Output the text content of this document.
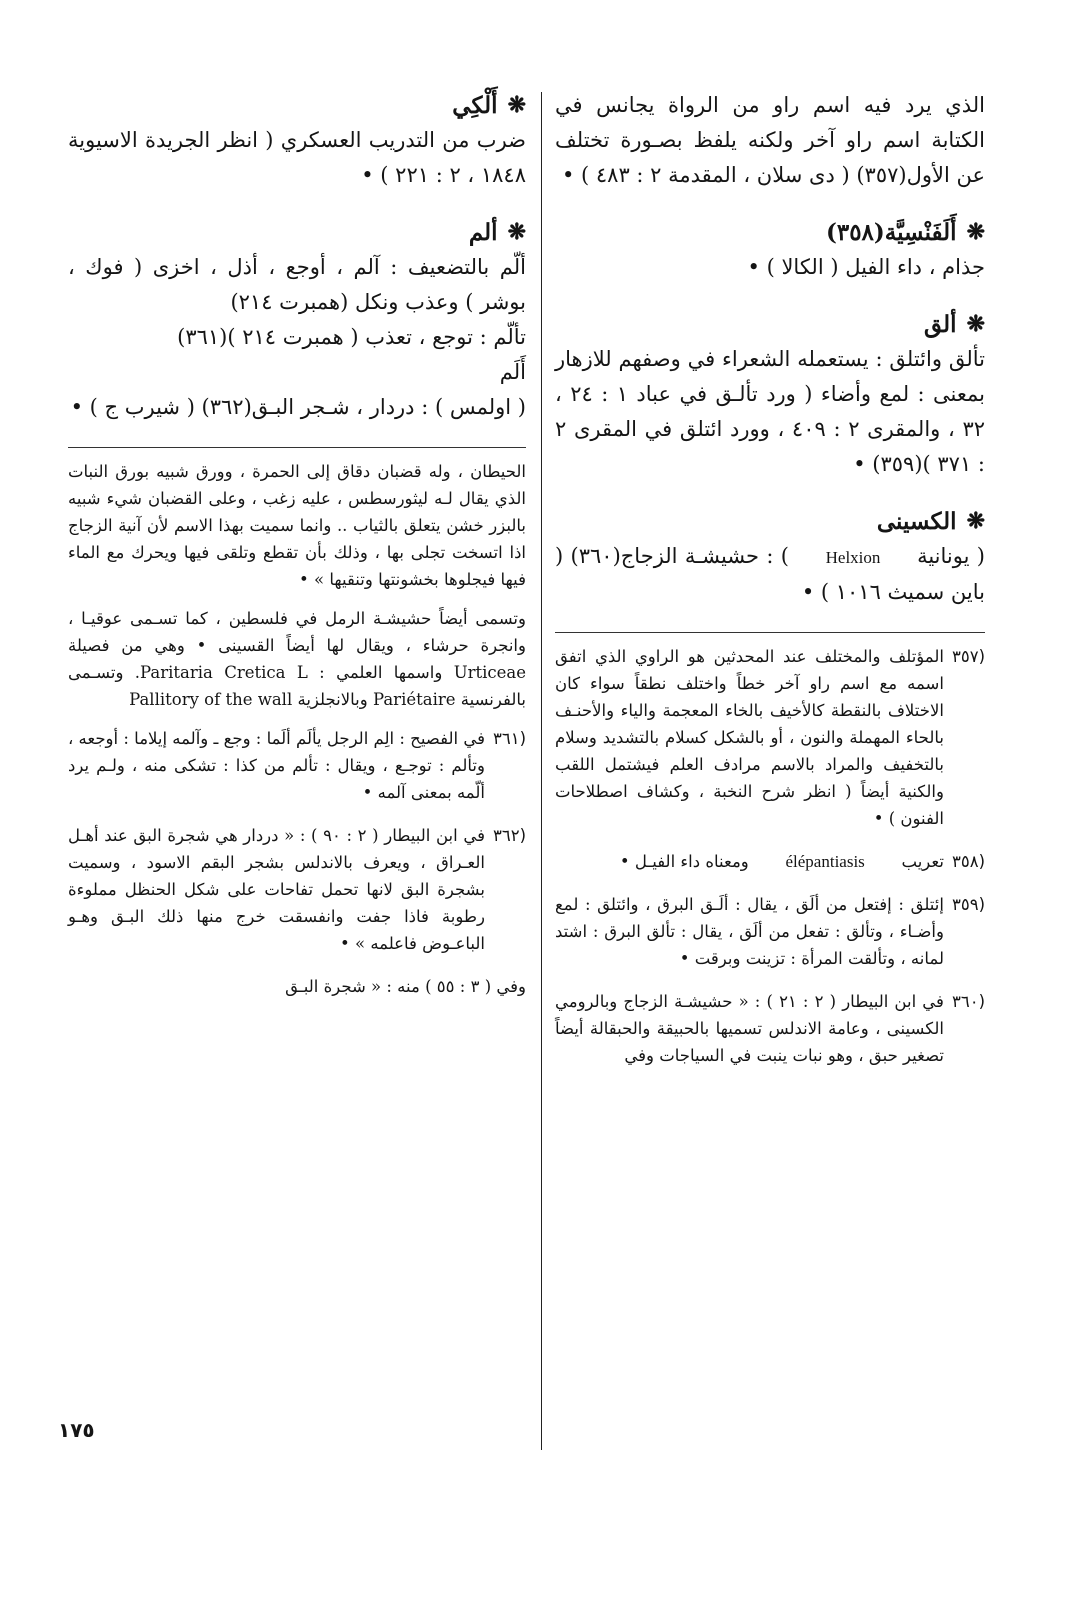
الذي يرد فيه اسم راو من الرواة يجانس في الكتابة اسم راو آخر ولكنه يلفظ بصـورة تختلف عن الأول(٣٥٧) ( دى سلان ، المقدمة ٢ : ٤٨٣ ) •

❋
أَلَفَنْسِيَّة(٣٥٨)

جذام ، داء الفيل ( الكالا ) •

❋
ألق

تألق وائتلق : يستعمله الشعراء في وصفهم للازهار بمعنى : لمع وأضاء ( ورد تألـق في عباد ١ : ٢٤ ، ٣٢ ، والمقرى ٢ : ٤٠٩ ، وورد ائتلق في المقرى ٢ : ٣٧١ )(٣٥٩) •

❋
الكسينى

( يونانية     Helxion     ) : حشيشـة الزجاج(٣٦٠) ( باين سميث ١٠١٦ ) •

(٣٥٧
المؤتلف والمختلف عند المحدثين هو الراوي الذي اتفق اسمه مع اسم راو آخر خطاً واختلف نطقاً سواء كان الاختلاف بالنقطة كالأخيف بالخاء المعجمة والياء والأحنـف بالحاء المهملة والنون ، أو بالشكل كسلام بالتشديد وسلام بالتخفيف والمراد بالاسم مرادف العلم فيشتمل اللقب والكنية أيضاً ( انظر شرح النخبة ، وكشاف اصطلاحات الفنون ) •
(٣٥٨
تعريب       élépantiasis       ومعناه داء الفيـل •
(٣٥٩
إئتلق : إفتعل من ألَق ، يقال : ألَـق البرق ، وائتلق : لمع وأضـاء ، وتألق : تفعل من ألَق ، يقال : تألق البرق : اشتد لمانه ، وتألقت المرأة : تزينت وبرقت •
(٣٦٠
في ابن البيطار ( ٢ : ٢١ ) : « حشيشـة الزجاج وبالرومي الكسينى ، وعامة الاندلس تسميها بالحبيقة والحبقالة أيضاً تصغير حبق ، وهو نبات ينبت في السياجات وفي
❋
أَلْكِي

ضرب من التدريب العسكري ( انظر الجريدة الاسيوية ١٨٤٨ ، ٢ : ٢٢١ ) •

❋
ألم

ألّم بالتضعيف : آلم ، أوجع ، أذل ، اخزى ( فوك ، بوشر ) وعذب ونكل (همبرت ٢١٤)

تألّم : توجع ، تعذب ( همبرت ٢١٤ )(٣٦١)

أَلَم

( اولمس ) : دردار ، شـجر البـق(٣٦٢) ( شيرب ج ) •

الحيطان ، وله قضبان دقاق إلى الحمرة ، وورق شبيه بورق النبات الذي يقال لـه ليثورسطس ، عليه زغب ، وعلى القضبان شيء شبيه بالبزر خشن يتعلق بالثياب .. وانما سميت بهذا الاسم لأن آنية الزجاج اذا اتسخت تجلى بها ، وذلك بأن تقطع وتلقى فيها ويحرك مع الماء فيها فيجلوها بخشونتها وتنقيها » •

وتسمى أيضاً حشيشـة الرمل في فلسطين ، كما تسـمى عوقيـا ، وانجرة حرشاء ، ويقال لها أيضاً القسينى • وهي من فصيلة Urticeae واسمها العلمي : Paritaria Cretica L. وتسـمى بالفرنسية Pariétaire وبالانجلزية Pallitory of the wall

(٣٦١
في الفصيح : الِم الرجل يألَم ألَما : وجع ـ وآلمه إيلاما : أوجعه ، وتألم : توجـع ، ويقال : تألم من كذا : تشكى منه ، ولـم يرد ألّمه بمعنى آلمه •
(٣٦٢
في ابن البيطار ( ٢ : ٩٠ ) : « دردار هي شجرة البق عند أهـل العـراق ، ويعرف بالاندلس بشجر البقم الاسود ، وسميت بشجرة البق لانها تحمل تفاحات على شكل الحنظل مملوءة رطوبة فاذا جفت وانفسقت خرج منها ذلك البـق وهـو الباعـوض فاعلمه » •

وفي ( ٣ : ٥٥ ) منه : « شجرة البـق

١٧٥
